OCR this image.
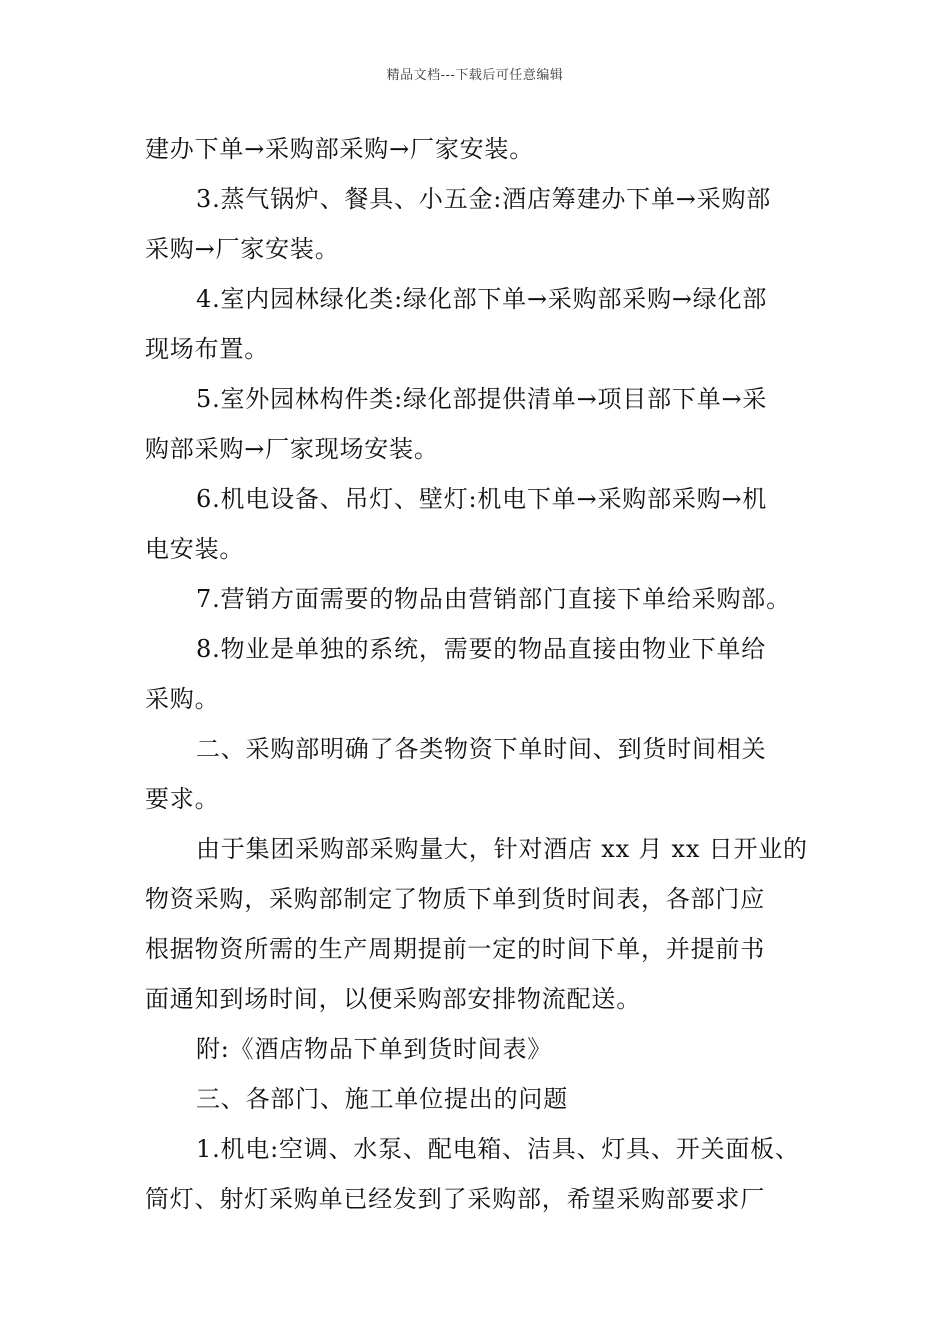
精品文档---下载后可任意编辑
建办下单→采购部采购→厂家安装。
3.蒸气锅炉、餐具、小五金:酒店筹建办下单→采购部
采购→厂家安装。
4.室内园林绿化类:绿化部下单→采购部采购→绿化部
现场布置。
5.室外园林构件类:绿化部提供清单→项目部下单→采
购部采购→厂家现场安装。
6.机电设备、吊灯、壁灯:机电下单→采购部采购→机
电安装。
7.营销方面需要的物品由营销部门直接下单给采购部。
8.物业是单独的系统，需要的物品直接由物业下单给
采购。
二、采购部明确了各类物资下单时间、到货时间相关
要求。
由于集团采购部采购量大，针对酒店 xx 月 xx 日开业的
物资采购，采购部制定了物质下单到货时间表，各部门应
根据物资所需的生产周期提前一定的时间下单，并提前书
面通知到场时间，以便采购部安排物流配送。
附:《酒店物品下单到货时间表》
三、各部门、施工单位提出的问题
1.机电:空调、水泵、配电箱、洁具、灯具、开关面板、
筒灯、射灯采购单已经发到了采购部，希望采购部要求厂
